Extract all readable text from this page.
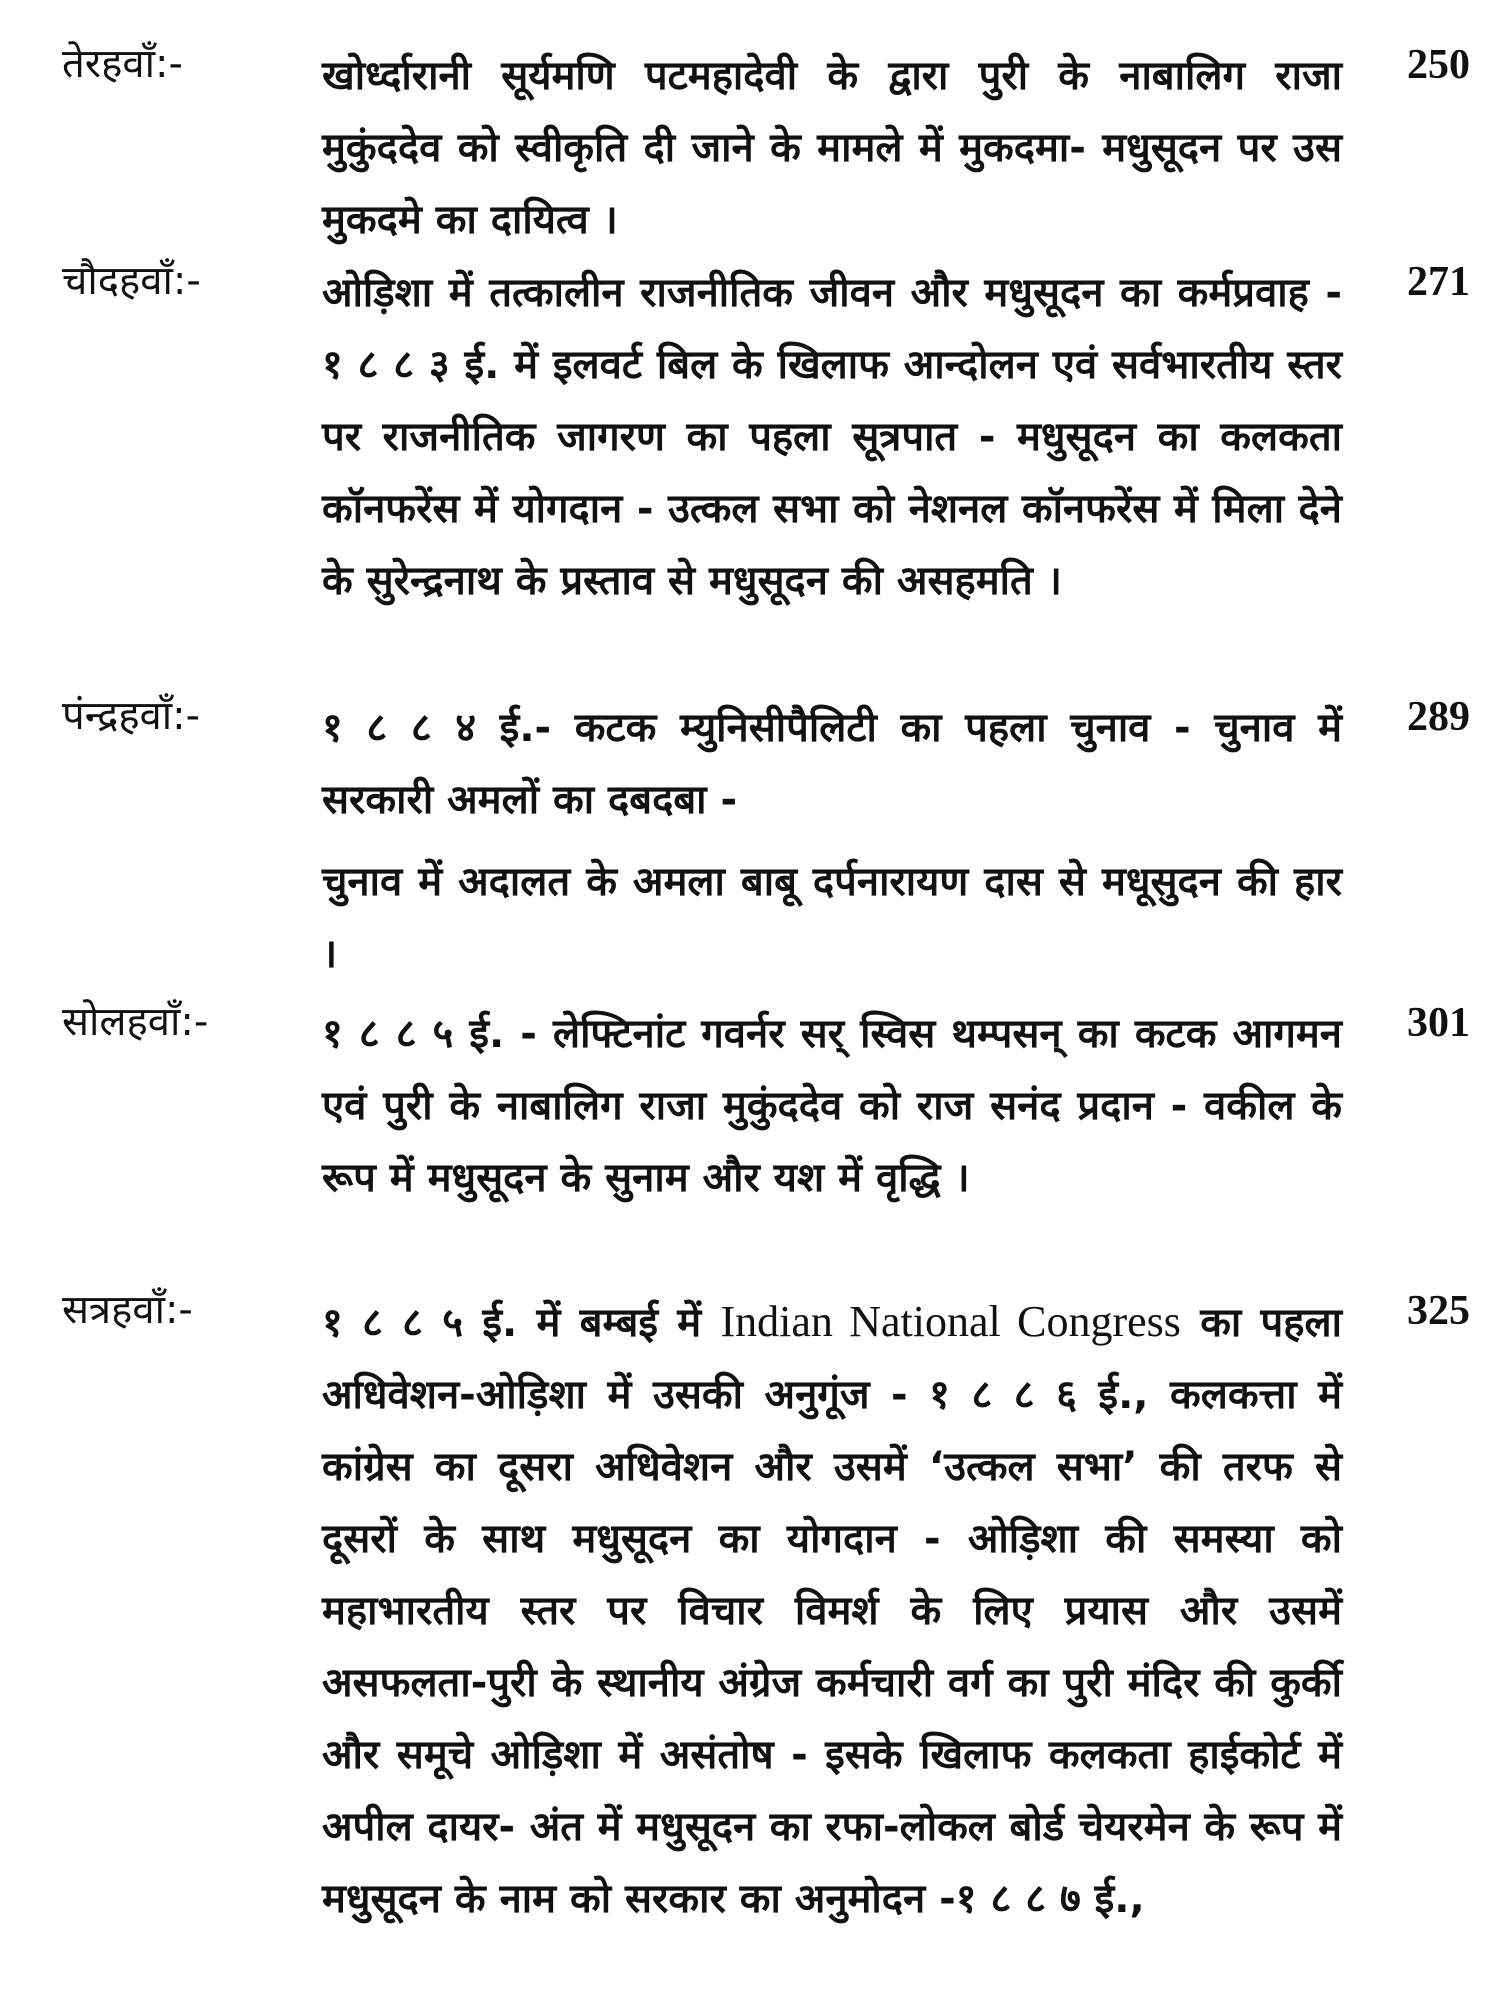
तेरहवाँ:-	खोर्ध्दारानी सूर्यमणि पटमहादेवी के द्वारा पुरी के नाबालिग राजा मुकुंददेव को स्वीकृति दी जाने के मामले में मुकदमा- मधुसूदन पर उस मुकदमे का दायित्व ।

250
चौदहवाँ:-	ओड़िशा में तत्कालीन राजनीतिक जीवन और मधुसूदन का कर्मप्रवाह - १ ८ ८ ३ ई. में इलवर्ट बिल के खिलाफ आन्दोलन एवं सर्वभारतीय स्तर पर राजनीतिक जागरण का पहला सूत्रपात - मधुसूदन का कलकता कॉनफरेंस में योगदान - उत्कल सभा को नेशनल कॉनफरेंस में मिला देने के सुरेन्द्रनाथ के प्रस्ताव से मधुसूदन की असहमति ।

271
पंन्द्रहवाँ:-	१ ८ ८ ४ ई.- कटक म्युनिसीपैलिटी का पहला चुनाव - चुनाव में सरकारी अमलों का दबदबा -

चुनाव में अदालत के अमला बाबू दर्पनारायण दास से मधूसुदन की हार ।

289
सोलहवाँ:-	१ ८ ८ ५ ई. - लेफ्टिनांट गवर्नर सर् स्विस थम्पसन् का कटक आगमन एवं पुरी के नाबालिग राजा मुकुंददेव को राज सनंद प्रदान - वकील के रूप में मधुसूदन के सुनाम और यश में वृद्धि ।

301
सत्रहवाँ:-	१ ८ ८ ५ ई. में बम्बई में Indian National Congress का पहला अधिवेशन-ओड़िशा में उसकी अनुगूंज - १ ८ ८ ६ ई., कलकत्ता में कांग्रेस का दूसरा अधिवेशन और उसमें ‘उत्कल सभा’ की तरफ से दूसरों के साथ मधुसूदन का योगदान - ओड़िशा की समस्या को महाभारतीय स्तर पर विचार विमर्श के लिए प्रयास और उसमें असफलता-पुरी के स्थानीय अंग्रेज कर्मचारी वर्ग का पुरी मंदिर की कुर्की और समूचे ओड़िशा में असंतोष - इसके खिलाफ कलकता हाईकोर्ट में अपील दायर- अंत में मधुसूदन का रफा-लोकल बोर्ड चेयरमेन के रूप में मधुसूदन के नाम को सरकार का अनुमोदन -१ ८ ८ ७ ई.,

325
